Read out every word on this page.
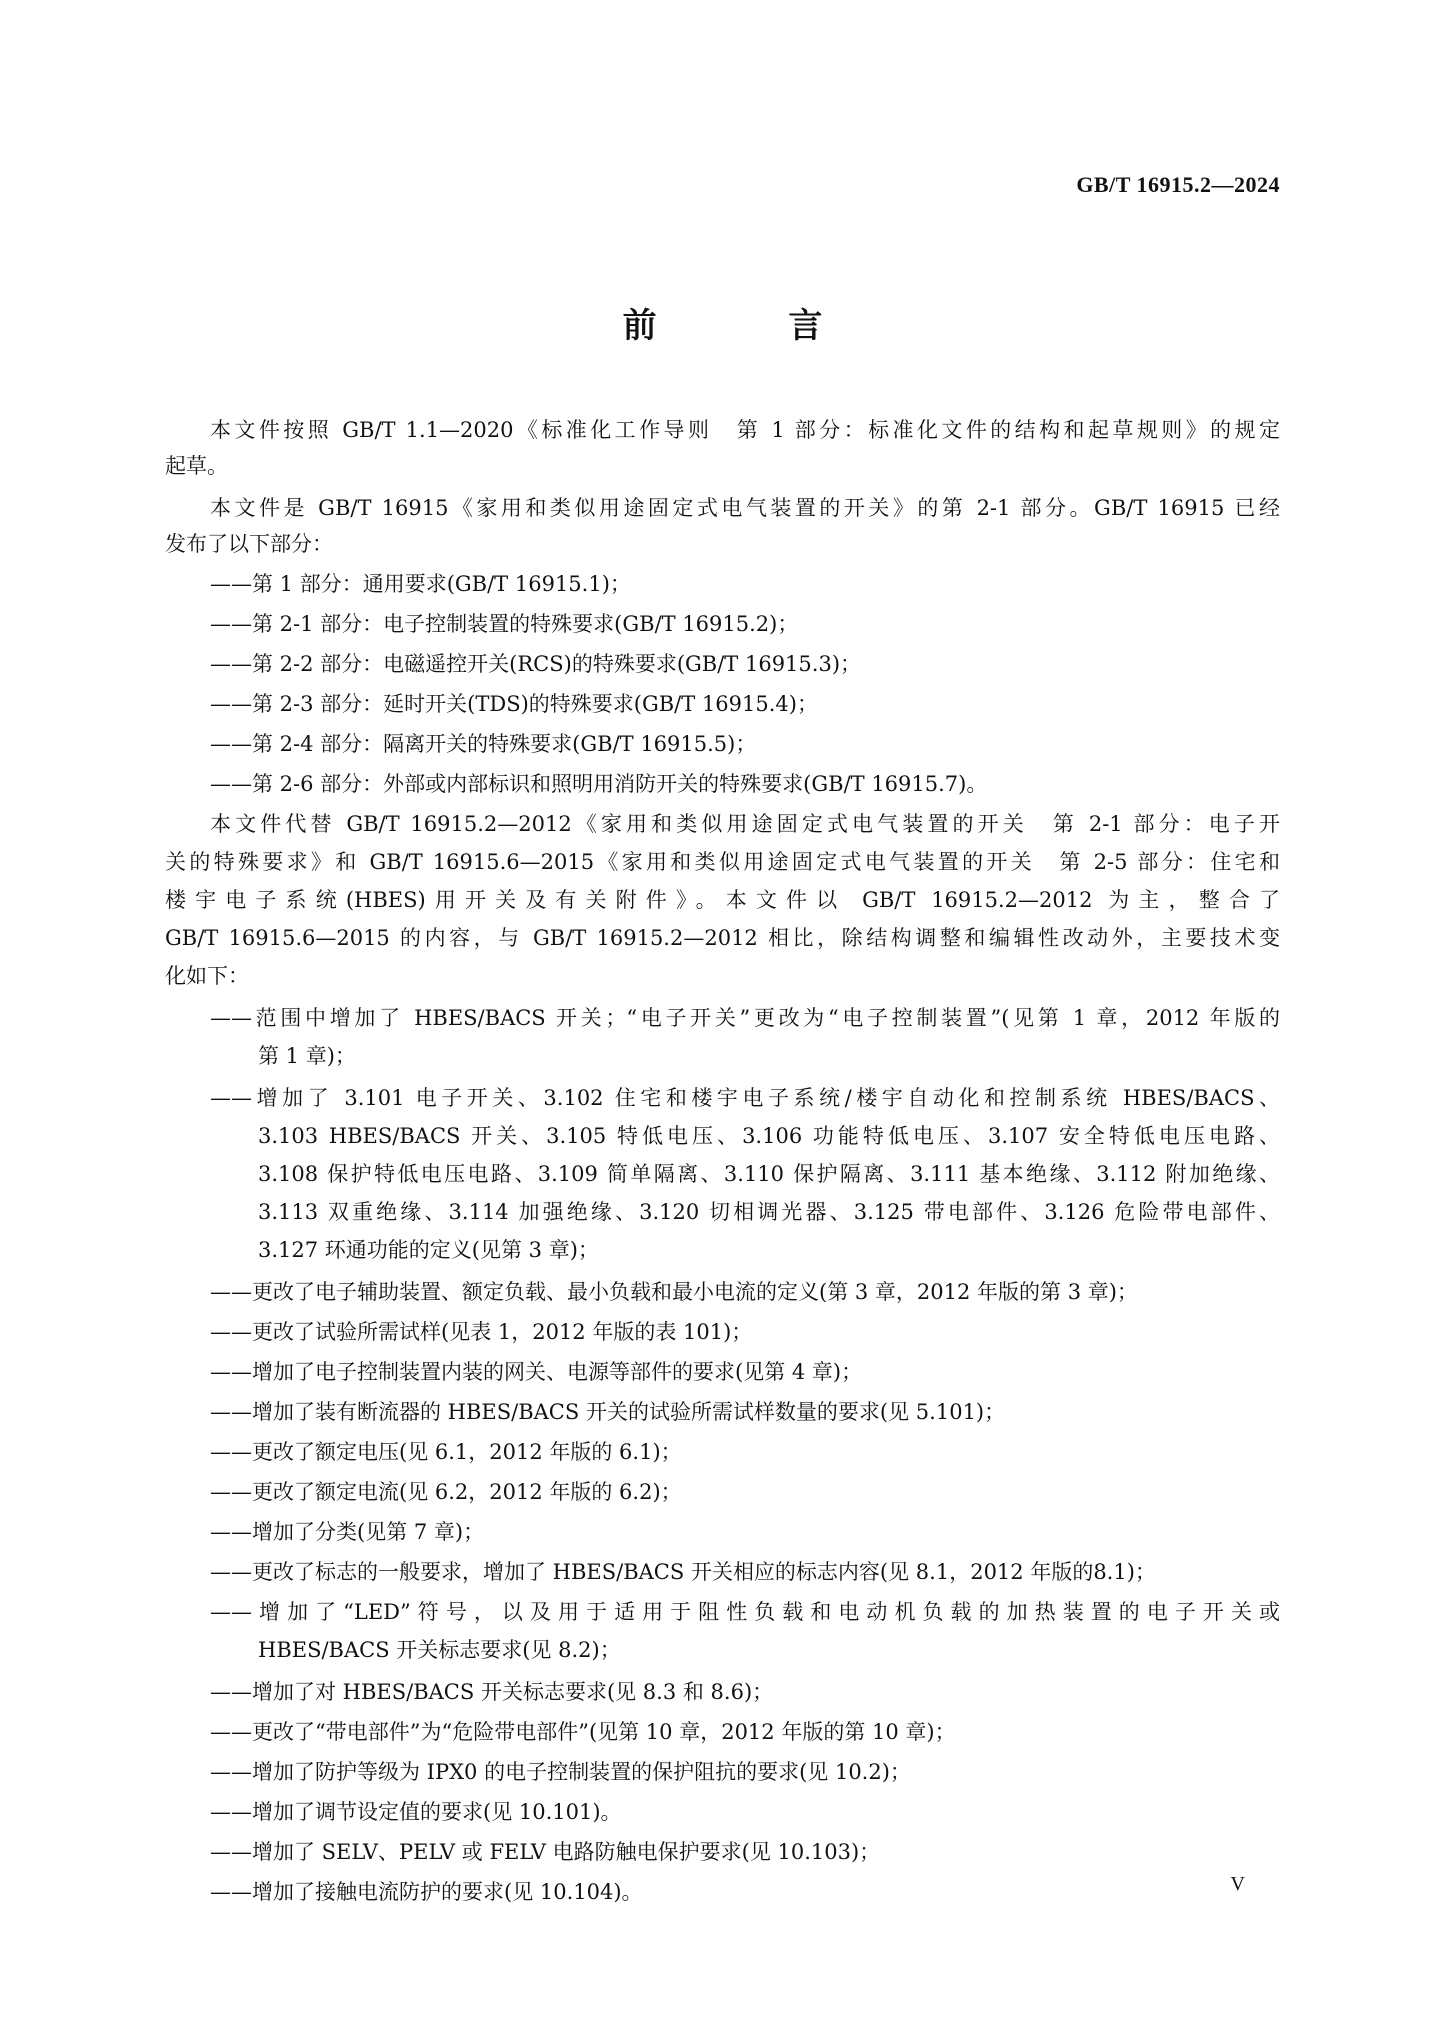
GB/T 16915.2—2024
前 言
本文件按照 GB/T 1.1—2020《标准化工作导则　第 1 部分：标准化文件的结构和起草规则》的规定
起草。
本文件是 GB/T 16915《家用和类似用途固定式电气装置的开关》的第 2-1 部分。GB/T 16915 已经
发布了以下部分：
——第 1 部分：通用要求(GB/T 16915.1)；
——第 2-1 部分：电子控制装置的特殊要求(GB/T 16915.2)；
——第 2-2 部分：电磁遥控开关(RCS)的特殊要求(GB/T 16915.3)；
——第 2-3 部分：延时开关(TDS)的特殊要求(GB/T 16915.4)；
——第 2-4 部分：隔离开关的特殊要求(GB/T 16915.5)；
——第 2-6 部分：外部或内部标识和照明用消防开关的特殊要求(GB/T 16915.7)。
本文件代替 GB/T 16915.2—2012《家用和类似用途固定式电气装置的开关　第 2-1 部分：电子开
关的特殊要求》和 GB/T 16915.6—2015《家用和类似用途固定式电气装置的开关　第 2-5 部分：住宅和
楼宇电子系统(HBES)用开关及有关附件》。本文件以 GB/T 16915.2—2012 为主，整合了
GB/T 16915.6—2015 的内容，与 GB/T 16915.2—2012 相比，除结构调整和编辑性改动外，主要技术变
化如下：
——范围中增加了 HBES/BACS 开关；“电子开关”更改为“电子控制装置”(见第 1 章，2012 年版的
第 1 章)；
——增加了 3.101 电子开关、3.102 住宅和楼宇电子系统/楼宇自动化和控制系统 HBES/BACS、
3.103 HBES/BACS 开关、3.105 特低电压、3.106 功能特低电压、3.107 安全特低电压电路、
3.108 保护特低电压电路、3.109 简单隔离、3.110 保护隔离、3.111 基本绝缘、3.112 附加绝缘、
3.113 双重绝缘、3.114 加强绝缘、3.120 切相调光器、3.125 带电部件、3.126 危险带电部件、
3.127 环通功能的定义(见第 3 章)；
——更改了电子辅助装置、额定负载、最小负载和最小电流的定义(第 3 章，2012 年版的第 3 章)；
——更改了试验所需试样(见表 1，2012 年版的表 101)；
——增加了电子控制装置内装的网关、电源等部件的要求(见第 4 章)；
——增加了装有断流器的 HBES/BACS 开关的试验所需试样数量的要求(见 5.101)；
——更改了额定电压(见 6.1，2012 年版的 6.1)；
——更改了额定电流(见 6.2，2012 年版的 6.2)；
——增加了分类(见第 7 章)；
——更改了标志的一般要求，增加了 HBES/BACS 开关相应的标志内容(见 8.1，2012 年版的8.1)；
——增加了“LED”符号，以及用于适用于阻性负载和电动机负载的加热装置的电子开关或
HBES/BACS 开关标志要求(见 8.2)；
——增加了对 HBES/BACS 开关标志要求(见 8.3 和 8.6)；
——更改了“带电部件”为“危险带电部件”(见第 10 章，2012 年版的第 10 章)；
——增加了防护等级为 IPX0 的电子控制装置的保护阻抗的要求(见 10.2)；
——增加了调节设定值的要求(见 10.101)。
——增加了 SELV、PELV 或 FELV 电路防触电保护要求(见 10.103)；
——增加了接触电流防护的要求(见 10.104)。	V
